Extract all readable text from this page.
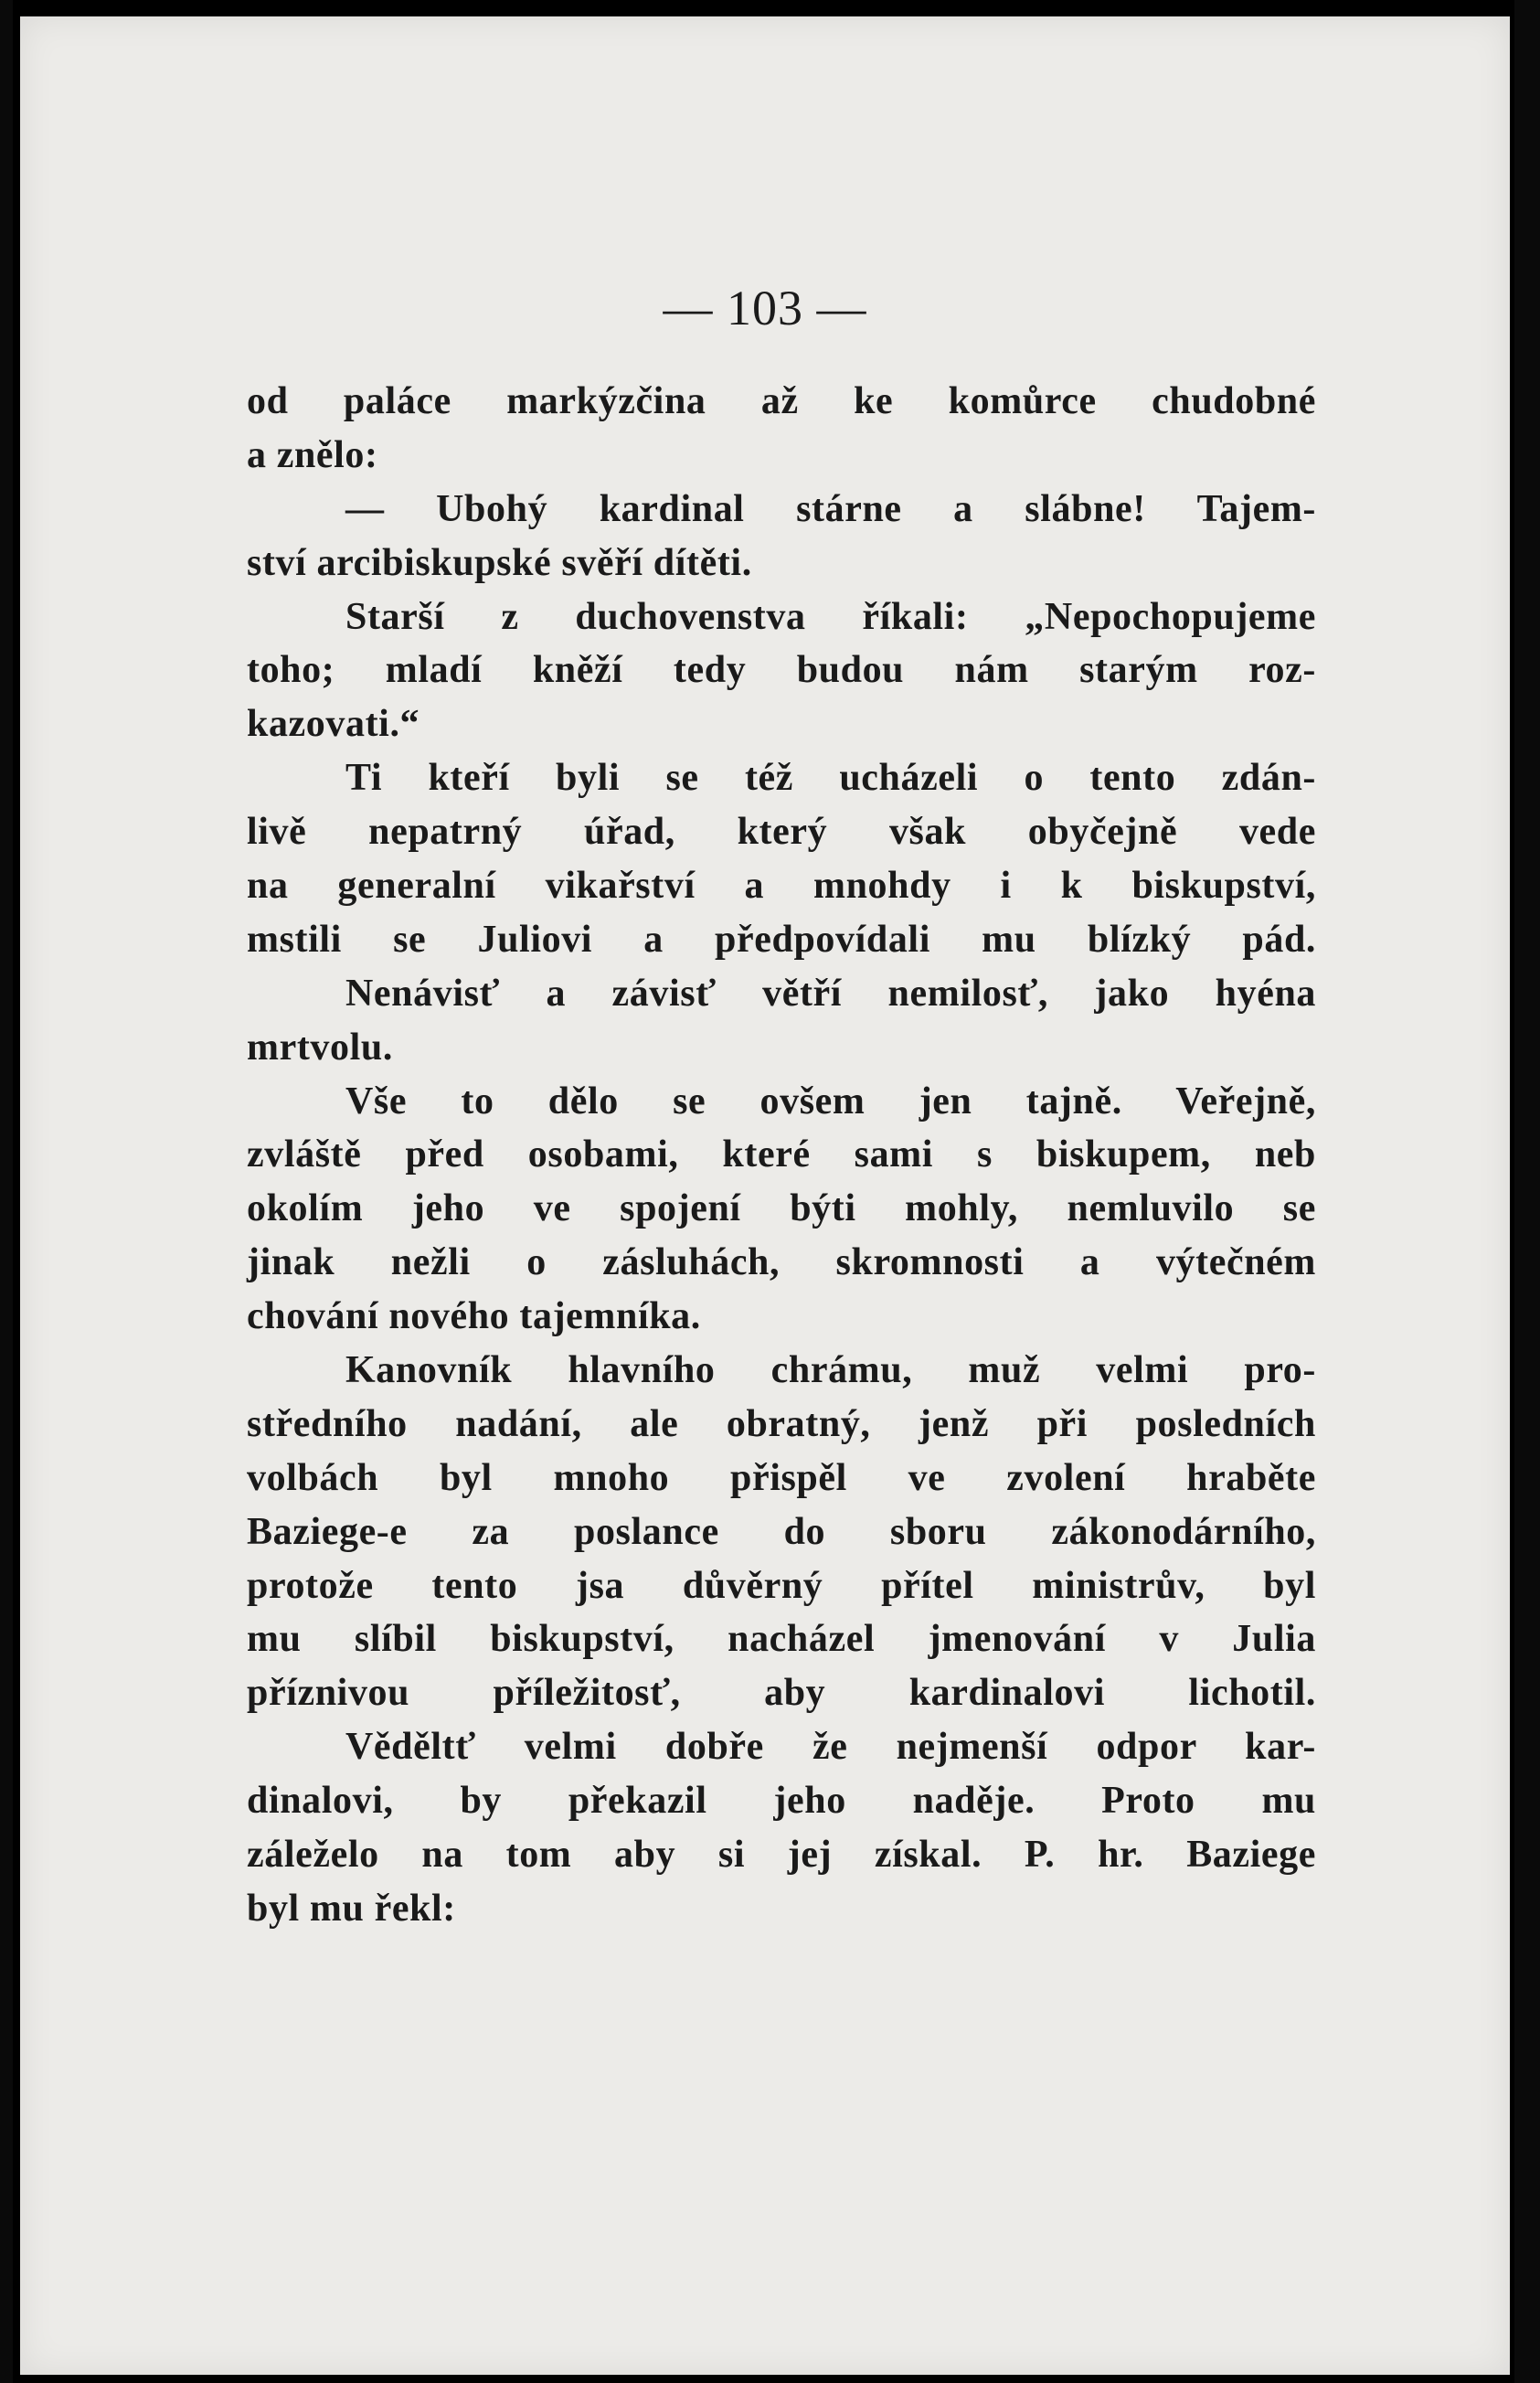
— 103 —
od paláce markýzčina až ke komůrce chudobné
a znělo:
— Ubohý kardinal stárne a slábne! Tajem-
ství arcibiskupské svěří dítěti.
Starší z duchovenstva říkali: „Nepochopujeme
toho; mladí kněží tedy budou nám starým roz-
kazovati.“
Ti kteří byli se též ucházeli o tento zdán-
livě nepatrný úřad, který však obyčejně vede
na generalní vikařství a mnohdy i k biskupství,
mstili se Juliovi a předpovídali mu blízký pád.
Nenávisť a závisť větří nemilosť, jako hyéna
mrtvolu.
Vše to dělo se ovšem jen tajně. Veřejně,
zvláště před osobami, které sami s biskupem, neb
okolím jeho ve spojení býti mohly, nemluvilo se
jinak nežli o zásluhách, skromnosti a výtečném
chování nového tajemníka.
Kanovník hlavního chrámu, muž velmi pro-
středního nadání, ale obratný, jenž při posledních
volbách byl mnoho přispěl ve zvolení hraběte
Baziege-e za poslance do sboru zákonodárního,
protože tento jsa důvěrný přítel ministrův, byl
mu slíbil biskupství, nacházel jmenování v Julia
příznivou příležitosť, aby kardinalovi lichotil.
Věděltť velmi dobře že nejmenší odpor kar-
dinalovi, by překazil jeho naděje. Proto mu
záleželo na tom aby si jej získal. P. hr. Baziege
byl mu řekl:
